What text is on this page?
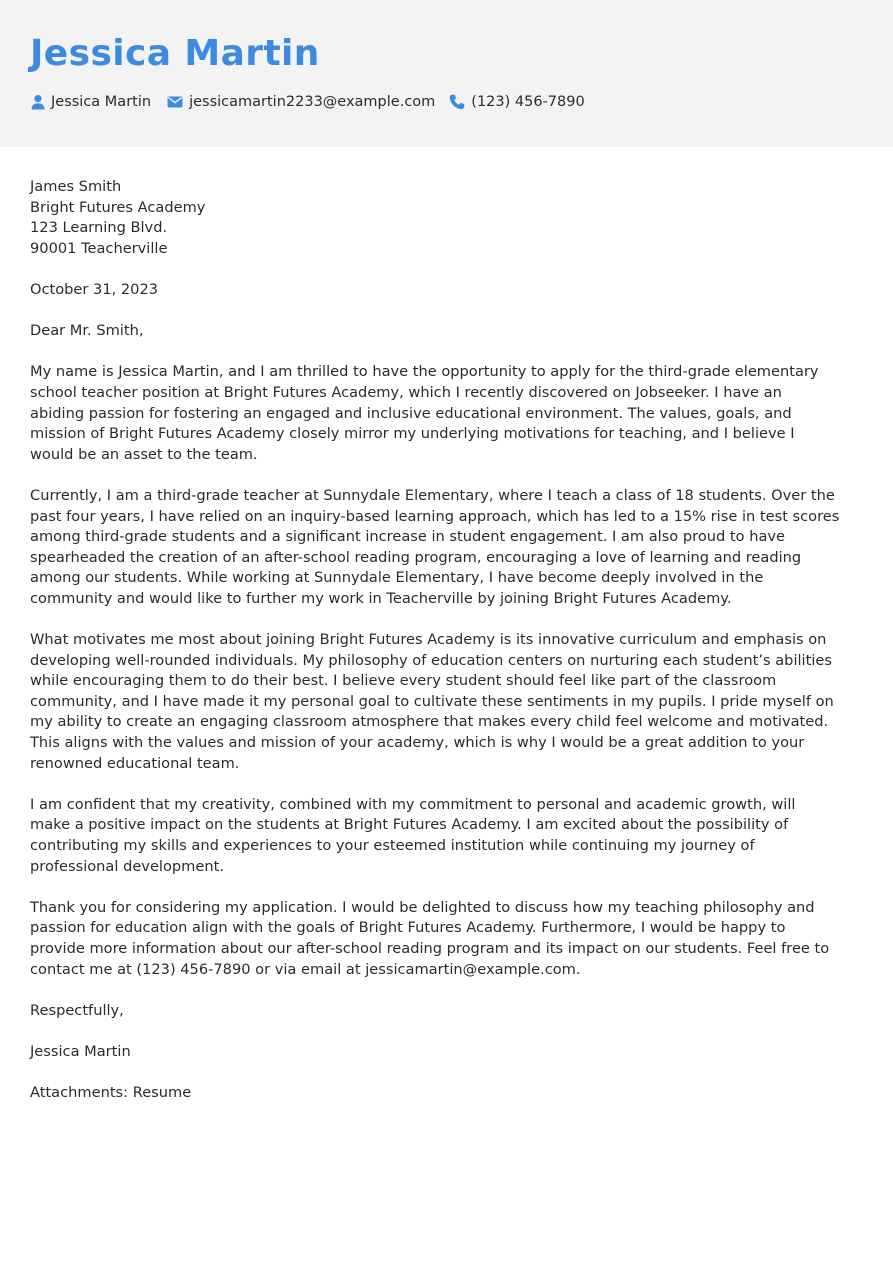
Jessica Martin
Jessica Martin	jessicamartin2233@example.com (123) 456-7890

James Smith
Bright Futures Academy
123 Learning Blvd.
90001 Teacherville

October 31, 2023

Dear Mr. Smith,

My name is Jessica Martin, and I am thrilled to have the opportunity to apply for the third-grade elementary
school teacher position at Bright Futures Academy, which I recently discovered on Jobseeker. I have an
abiding passion for fostering an engaged and inclusive educational environment. The values, goals, and
mission of Bright Futures Academy closely mirror my underlying motivations for teaching, and I believe I
would be an asset to the team.

Currently, I am a third-grade teacher at Sunnydale Elementary, where I teach a class of 18 students. Over the
past four years, I have relied on an inquiry-based learning approach, which has led to a 15% rise in test scores
among third-grade students and a significant increase in student engagement. I am also proud to have
spearheaded the creation of an after-school reading program, encouraging a love of learning and reading
among our students. While working at Sunnydale Elementary, I have become deeply involved in the
community and would like to further my work in Teacherville by joining Bright Futures Academy.

What motivates me most about joining Bright Futures Academy is its innovative curriculum and emphasis on
developing well-rounded individuals. My philosophy of education centers on nurturing each student’s abilities
while encouraging them to do their best. I believe every student should feel like part of the classroom
community, and I have made it my personal goal to cultivate these sentiments in my pupils. I pride myself on
my ability to create an engaging classroom atmosphere that makes every child feel welcome and motivated.
This aligns with the values and mission of your academy, which is why I would be a great addition to your
renowned educational team.

I am confident that my creativity, combined with my commitment to personal and academic growth, will
make a positive impact on the students at Bright Futures Academy. I am excited about the possibility of
contributing my skills and experiences to your esteemed institution while continuing my journey of
professional development.

Thank you for considering my application. I would be delighted to discuss how my teaching philosophy and
passion for education align with the goals of Bright Futures Academy. Furthermore, I would be happy to
provide more information about our after-school reading program and its impact on our students. Feel free to
contact me at (123) 456-7890 or via email at jessicamartin@example.com.

Respectfully,

Jessica Martin

Attachments: Resume
